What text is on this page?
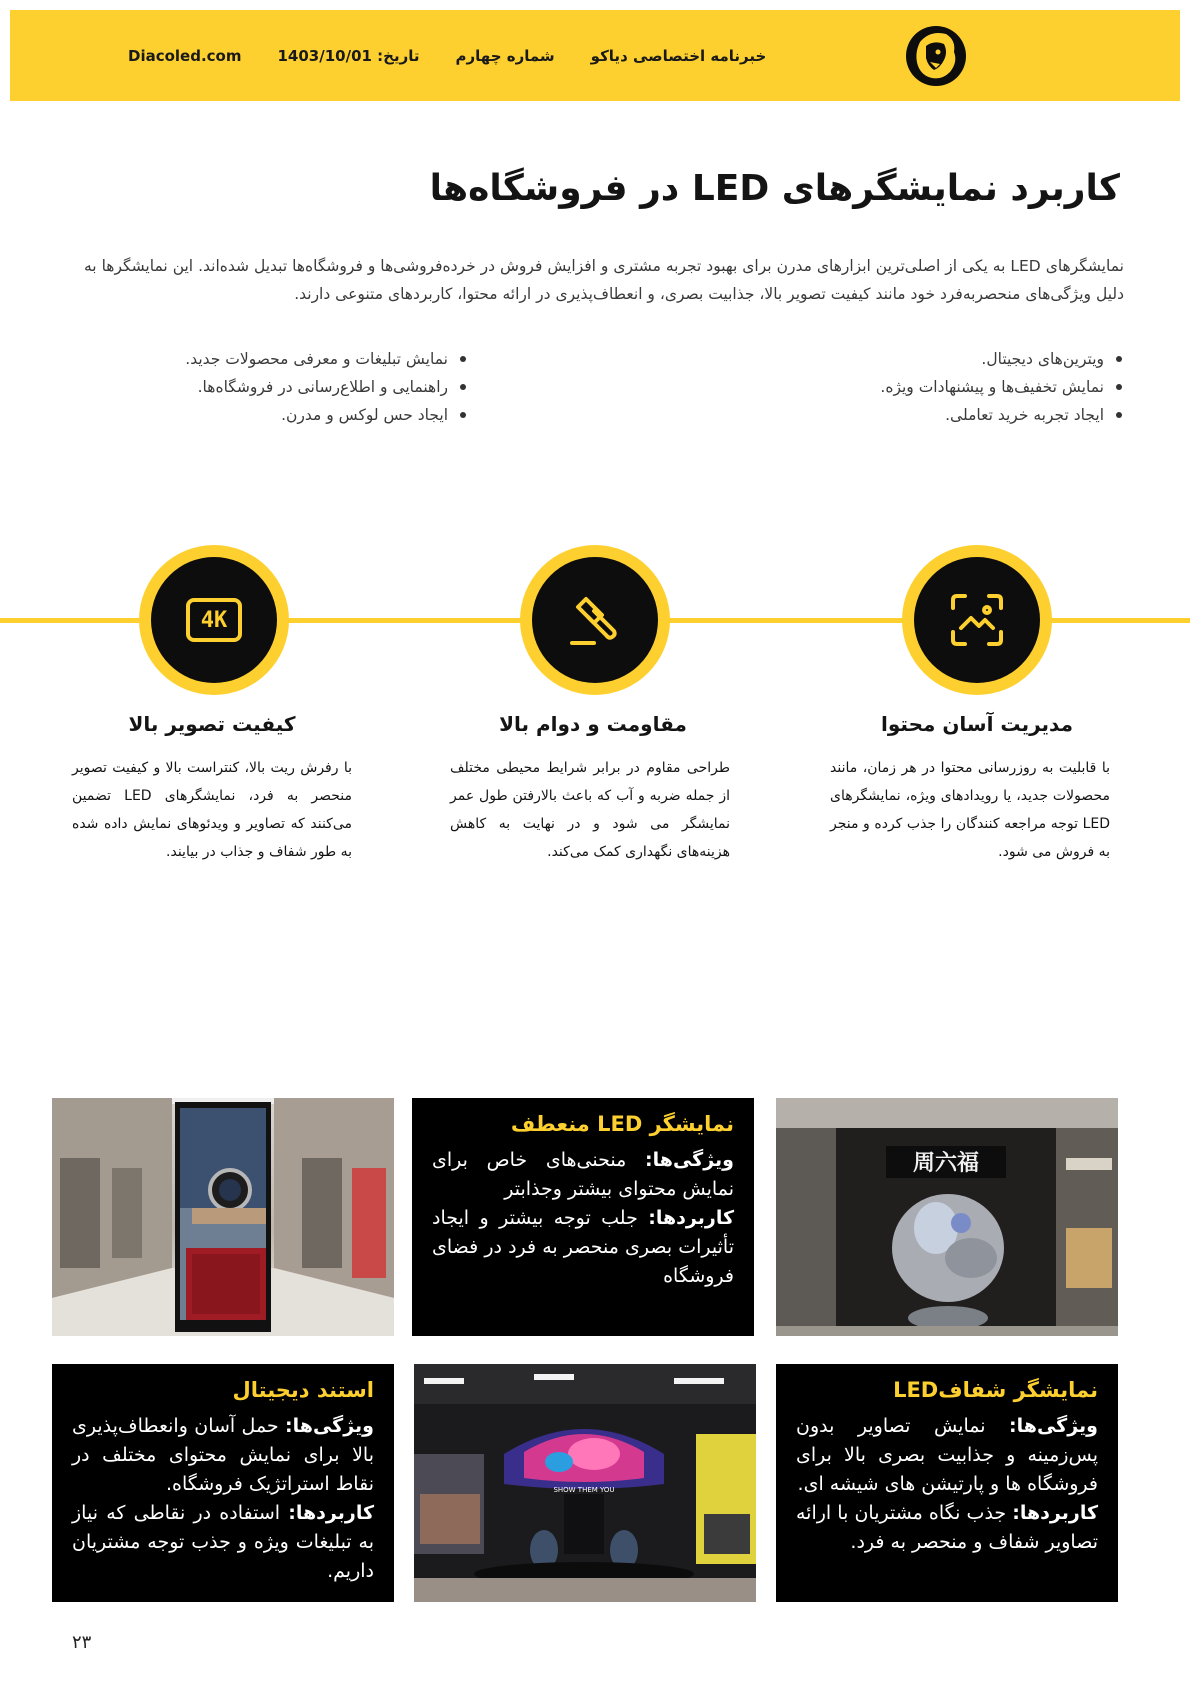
Diacoled.com	تاریخ: 1403/10/01	شماره چهارم	خبرنامه اختصاصی دیاکو
کاربرد نمایشگرهای LED در فروشگاه‌ها

نمایشگرهای LED به یکی از اصلی‌ترین ابزارهای مدرن برای بهبود تجربه مشتری و افزایش فروش در خرده‌فروشی‌ها و فروشگاه‌ها تبدیل شده‌اند. این نمایشگرها به دلیل ویژگی‌های منحصربه‌فرد خود مانند کیفیت تصویر بالا، جذابیت بصری، و انعطاف‌پذیری در ارائه محتوا، کاربردهای متنوعی دارند.

ویترین‌های دیجیتال.
نمایش تخفیف‌ها و پیشنهادات ویژه.
ایجاد تجربه خرید تعاملی.
نمایش تبلیغات و معرفی محصولات جدید.
راهنمایی و اطلاع‌رسانی در فروشگاه‌ها.
ایجاد حس لوکس و مدرن.
4K
مدیریت آسان محتوا
مقاومت و دوام بالا
کیفیت تصویر بالا

با قابلیت به روزرسانی محتوا در هر زمان، مانند محصولات جدید، یا رویدادهای ویژه، نمایشگرهای LED توجه مراجعه کنندگان را جذب کرده و منجر به فروش می شود.

طراحی مقاوم در برابر شرایط محیطی مختلف از جمله ضربه و آب که باعث بالارفتن طول عمر نمایشگر می شود و در نهایت به کاهش هزینه‌های نگهداری کمک می‌کند.

با رفرش ریت بالا، کنتراست بالا و کیفیت تصویر منحصر به فرد، نمایشگرهای LED تضمین می‌کنند که تصاویر و ویدئوهای نمایش داده شده به طور شفاف و جذاب در بیایند.

نمایشگر LED منعطف
ویژگی‌ها: منحنی‌های خاص برای نمایش محتوای بیشتر وجذابتر
کاربردها: جلب توجه بیشتر و ایجاد تأثیرات بصری منحصر به فرد در فضای فروشگاه
周六福
استند دیجیتال
ویژگی‌ها: حمل آسان وانعطاف‌پذیری بالا برای نمایش محتوای مختلف در نقاط استراتژیک فروشگاه.
کاربردها: استفاده در نقاطی که نیاز به تبلیغات ویژه و جذب توجه مشتریان داریم.
SHOW THEM YOU
نمایشگر شفافLED
ویژگی‌ها: نمایش تصاویر بدون پس‌زمینه و جذابیت بصری بالا برای فروشگاه ها و پارتیشن های شیشه ای.
کاربردها: جذب نگاه مشتریان با ارائه تصاویر شفاف و منحصر به فرد.
۲۳
